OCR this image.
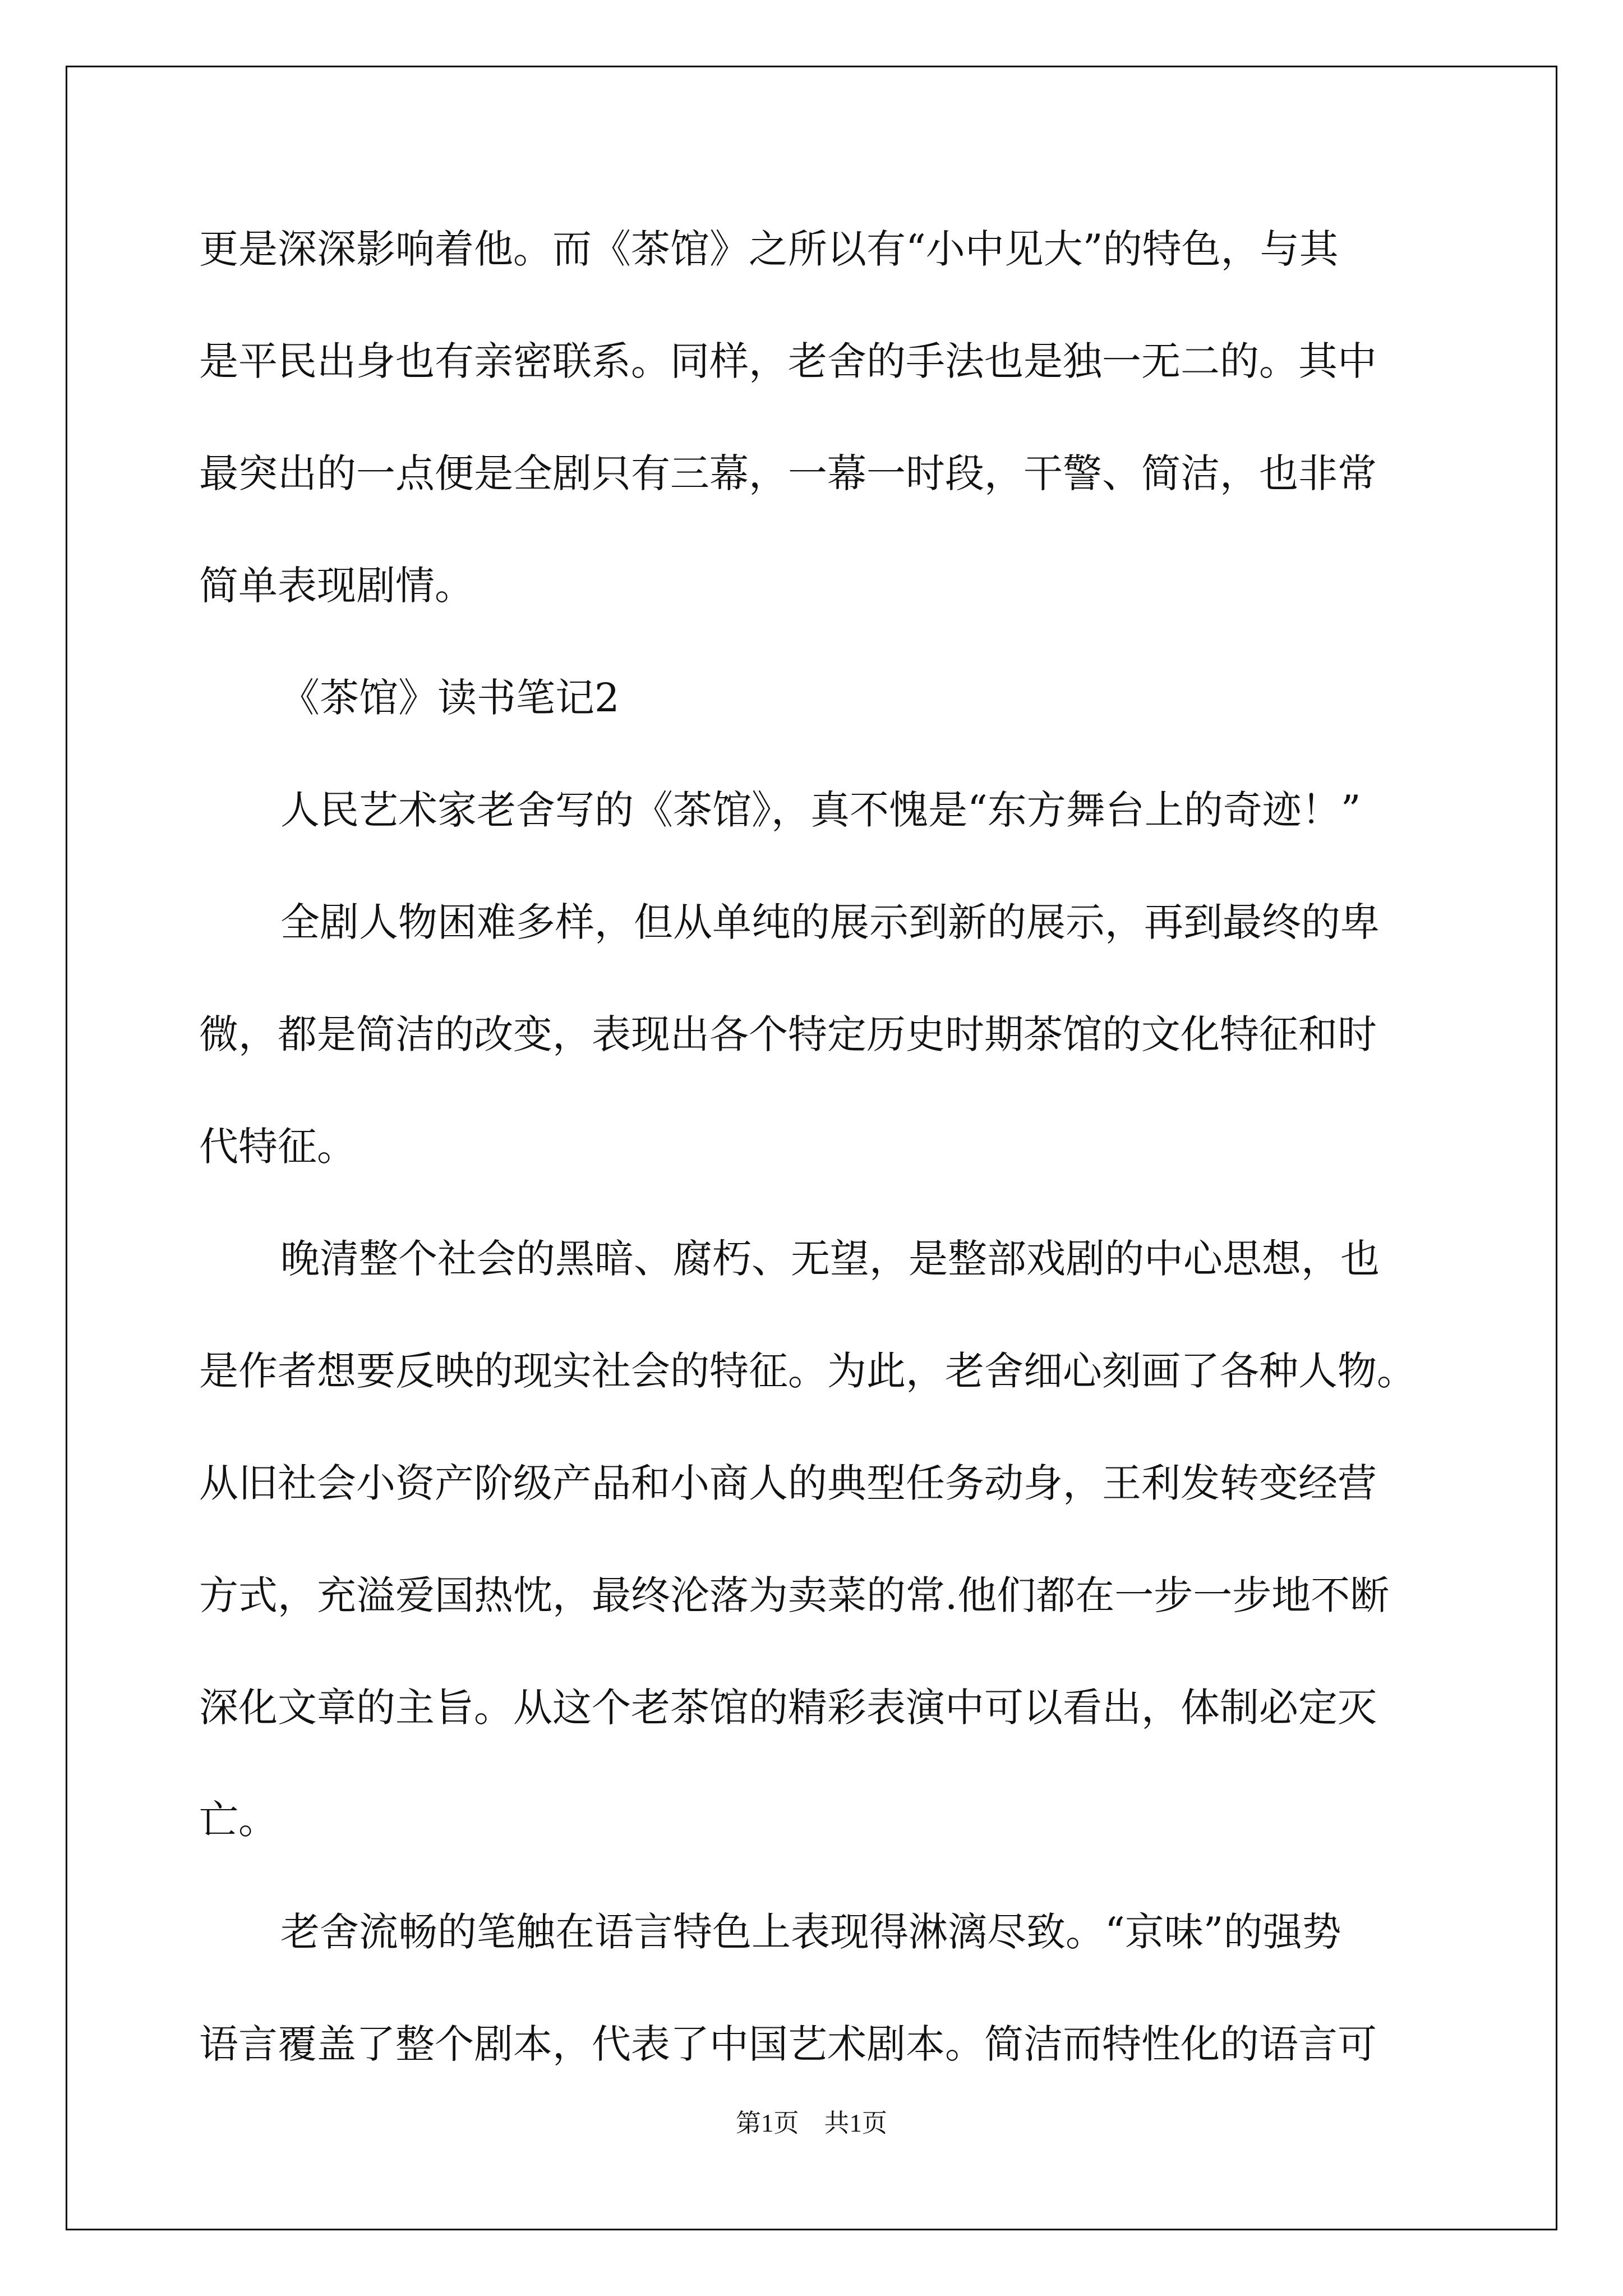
更是深深影响着他。而《茶馆》之所以有“小中见大”的特色，与其
是平民出身也有亲密联系。同样，老舍的手法也是独一无二的。其中
最突出的一点便是全剧只有三幕，一幕一时段，干警、简洁，也非常
简单表现剧情。
《茶馆》读书笔记2
人民艺术家老舍写的《茶馆》，真不愧是“东方舞台上的奇迹！”
全剧人物困难多样，但从单纯的展示到新的展示，再到最终的卑
微，都是简洁的改变，表现出各个特定历史时期茶馆的文化特征和时
代特征。
晚清整个社会的黑暗、腐朽、无望，是整部戏剧的中心思想，也
是作者想要反映的现实社会的特征。为此，老舍细心刻画了各种人物。
从旧社会小资产阶级产品和小商人的典型任务动身，王利发转变经营
方式，充溢爱国热忱，最终沦落为卖菜的常.他们都在一步一步地不断
深化文章的主旨。从这个老茶馆的精彩表演中可以看出，体制必定灭
亡。
老舍流畅的笔触在语言特色上表现得淋漓尽致。“京味”的强势
语言覆盖了整个剧本，代表了中国艺术剧本。简洁而特性化的语言可
第1页　共1页
